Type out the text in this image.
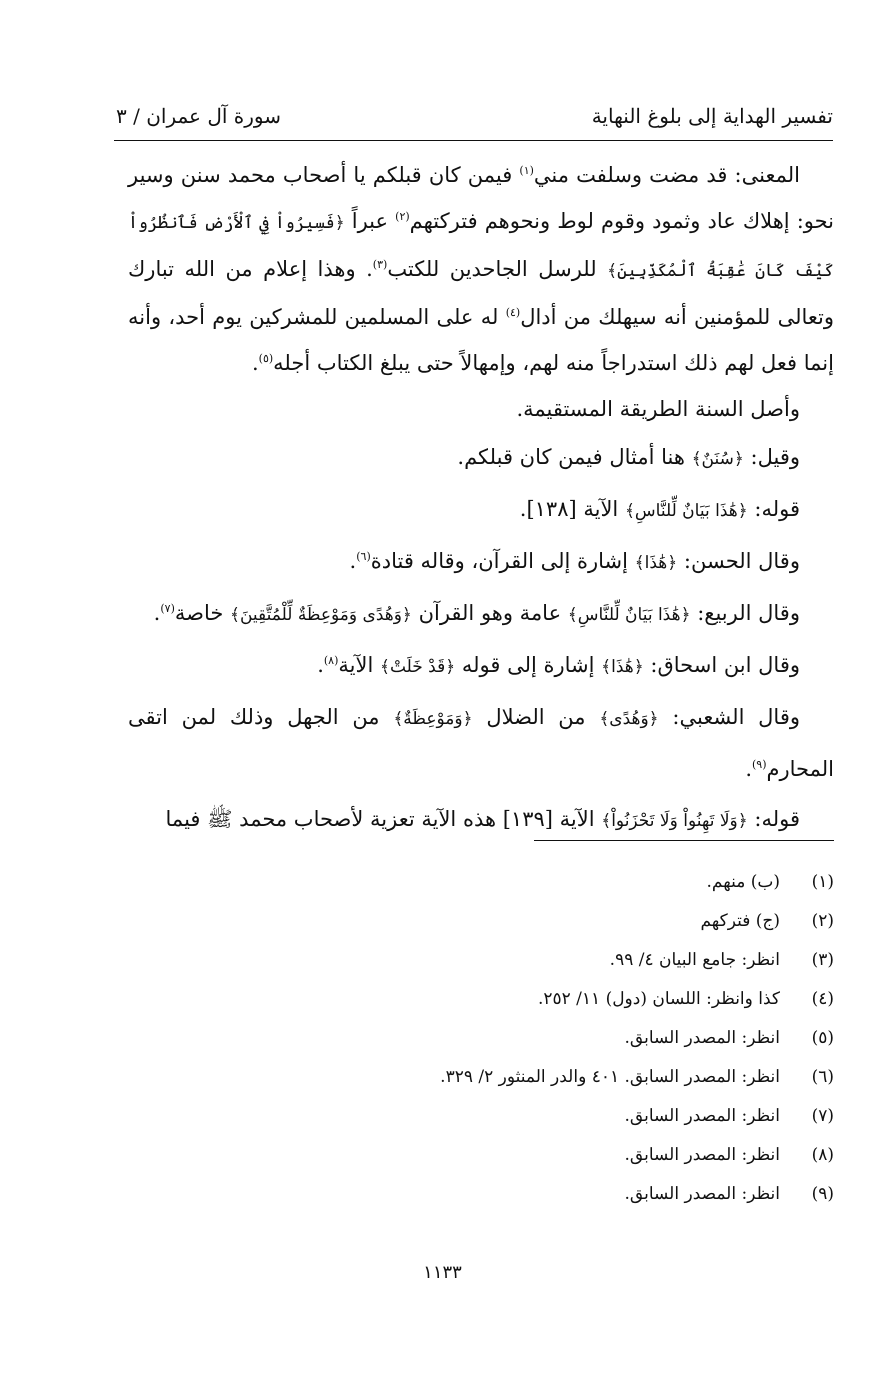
تفسير الهداية إلى بلوغ النهاية
سورة آل عمران / ٣

المعنى: قد مضت وسلفت مني$^{(١)}$ فيمن كان قبلكم يا أصحاب محمد سنن وسير نحو: إهلاك عاد وثمود وقوم لوط ونحوهم فتركتهم$^{(٢)}$ عبراً ﴿فَسِيرُواْ فِي ٱلْأَرْضِ فَٱنظُرُواْ كَيْفَ كَانَ عَٰقِبَةُ ٱلْمُكَذِّبِينَ﴾ للرسل الجاحدين للكتب$^{(٣)}$. وهذا إعلام من الله تبارك وتعالى للمؤمنين أنه سيهلك من أدال$^{(٤)}$ له على المسلمين للمشركين يوم أحد، وأنه إنما فعل لهم ذلك استدراجاً منه لهم، وإمهالاً حتى يبلغ الكتاب أجله$^{(٥)}$.

وأصل السنة الطريقة المستقيمة.

وقيل: ﴿سُنَنٌ﴾ هنا أمثال فيمن كان قبلكم.

قوله: ﴿هَٰذَا بَيَانٌ لِّلنَّاسِ﴾ الآية [١٣٨].

وقال الحسن: ﴿هَٰذَا﴾ إشارة إلى القرآن، وقاله قتادة$^{(٦)}$.

وقال الربيع: ﴿هَٰذَا بَيَانٌ لِّلنَّاسِ﴾ عامة وهو القرآن ﴿وَهُدًى وَمَوْعِظَةٌ لِّلْمُتَّقِينَ﴾ خاصة$^{(٧)}$.

وقال ابن اسحاق: ﴿هَٰذَا﴾ إشارة إلى قوله ﴿قَدْ خَلَتْ﴾ الآية$^{(٨)}$.

وقال الشعبي: ﴿وَهُدًى﴾ من الضلال ﴿وَمَوْعِظَةٌ﴾ من الجهل وذلك لمن اتقى المحارم$^{(٩)}$.

قوله: ﴿وَلَا تَهِنُواْ وَلَا تَحْزَنُواْ﴾ الآية [١٣٩] هذه الآية تعزية لأصحاب محمد ﷺ فيما

(١)
(ب) منهم.
(٢)
(ج) فتركهم
(٣)
انظر: جامع البيان ٤/ ٩٩.
(٤)
كذا وانظر: اللسان (دول) ١١/ ٢٥٢.
(٥)
انظر: المصدر السابق.
(٦)
انظر: المصدر السابق. ٤٠١ والدر المنثور ٢/ ٣٢٩.
(٧)
انظر: المصدر السابق.
(٨)
انظر: المصدر السابق.
(٩)
انظر: المصدر السابق.
١١٣٣
